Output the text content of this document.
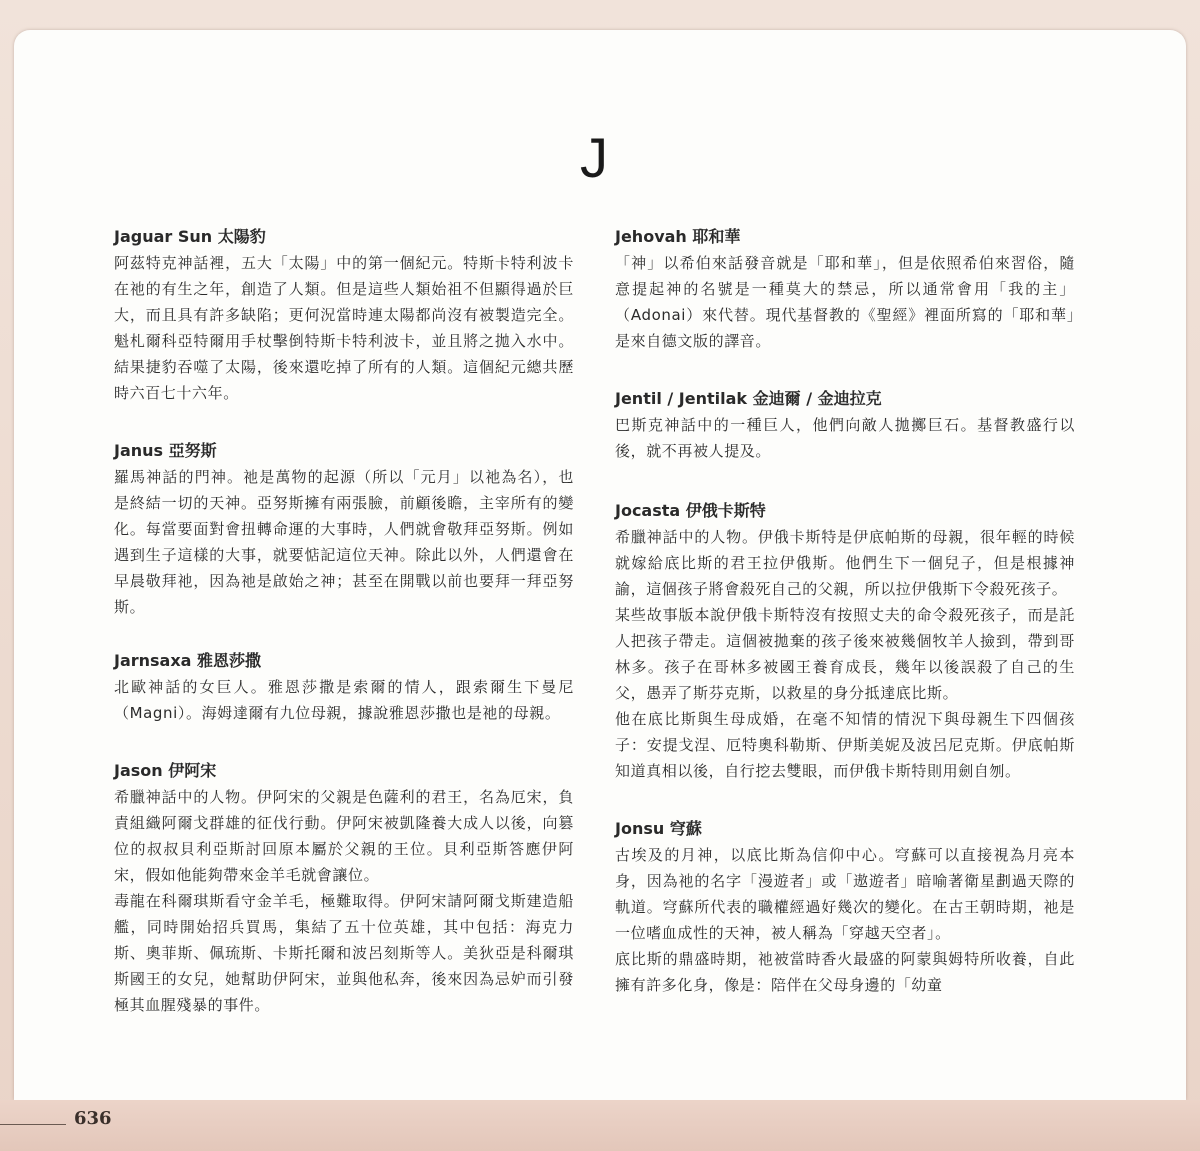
J
Jaguar Sun 太陽豹

阿茲特克神話裡，五大「太陽」中的第一個紀元。特斯卡特利波卡在祂的有生之年，創造了人類。但是這些人類始祖不但顯得過於巨大，而且具有許多缺陷；更何況當時連太陽都尚沒有被製造完全。魁札爾科亞特爾用手杖擊倒特斯卡特利波卡，並且將之拋入水中。結果捷豹吞噬了太陽，後來還吃掉了所有的人類。這個紀元總共歷時六百七十六年。

Janus 亞努斯

羅馬神話的門神。祂是萬物的起源（所以「元月」以祂為名），也是終結一切的天神。亞努斯擁有兩張臉，前顧後瞻，主宰所有的變化。每當要面對會扭轉命運的大事時，人們就會敬拜亞努斯。例如遇到生子這樣的大事，就要惦記這位天神。除此以外，人們還會在早晨敬拜祂，因為祂是啟始之神；甚至在開戰以前也要拜一拜亞努斯。

Jarnsaxa 雅恩莎撒

北歐神話的女巨人。雅恩莎撒是索爾的情人，跟索爾生下曼尼（Magni）。海姆達爾有九位母親，據說雅恩莎撒也是祂的母親。

Jason 伊阿宋

希臘神話中的人物。伊阿宋的父親是色薩利的君王，名為厄宋，負責組織阿爾戈群雄的征伐行動。伊阿宋被凱隆養大成人以後，向篡位的叔叔貝利亞斯討回原本屬於父親的王位。貝利亞斯答應伊阿宋，假如他能夠帶來金羊毛就會讓位。

毒龍在科爾琪斯看守金羊毛，極難取得。伊阿宋請阿爾戈斯建造船艦，同時開始招兵買馬，集結了五十位英雄，其中包括：海克力斯、奧菲斯、佩琉斯、卡斯托爾和波呂刻斯等人。美狄亞是科爾琪斯國王的女兒，她幫助伊阿宋，並與他私奔，後來因為忌妒而引發極其血腥殘暴的事件。

Jehovah 耶和華

「神」以希伯來話發音就是「耶和華」，但是依照希伯來習俗，隨意提起神的名號是一種莫大的禁忌，所以通常會用「我的主」（Adonai）來代替。現代基督教的《聖經》裡面所寫的「耶和華」是來自德文版的譯音。

Jentil / Jentilak 金迪爾 / 金迪拉克

巴斯克神話中的一種巨人，他們向敵人拋擲巨石。基督教盛行以後，就不再被人提及。

Jocasta 伊俄卡斯特

希臘神話中的人物。伊俄卡斯特是伊底帕斯的母親，很年輕的時候就嫁給底比斯的君王拉伊俄斯。他們生下一個兒子，但是根據神諭，這個孩子將會殺死自己的父親，所以拉伊俄斯下令殺死孩子。

某些故事版本說伊俄卡斯特沒有按照丈夫的命令殺死孩子，而是託人把孩子帶走。這個被拋棄的孩子後來被幾個牧羊人撿到，帶到哥林多。孩子在哥林多被國王養育成長，幾年以後誤殺了自己的生父，愚弄了斯芬克斯，以救星的身分抵達底比斯。

他在底比斯與生母成婚，在毫不知情的情況下與母親生下四個孩子：安提戈涅、厄特奧科勒斯、伊斯美妮及波呂尼克斯。伊底帕斯知道真相以後，自行挖去雙眼，而伊俄卡斯特則用劍自刎。

Jonsu 穹蘇

古埃及的月神，以底比斯為信仰中心。穹蘇可以直接視為月亮本身，因為祂的名字「漫遊者」或「遨遊者」暗喻著衛星劃過天際的軌道。穹蘇所代表的職權經過好幾次的變化。在古王朝時期，祂是一位嗜血成性的天神，被人稱為「穿越天空者」。

底比斯的鼎盛時期，祂被當時香火最盛的阿蒙與姆特所收養，自此擁有許多化身，像是：陪伴在父母身邊的「幼童

636
